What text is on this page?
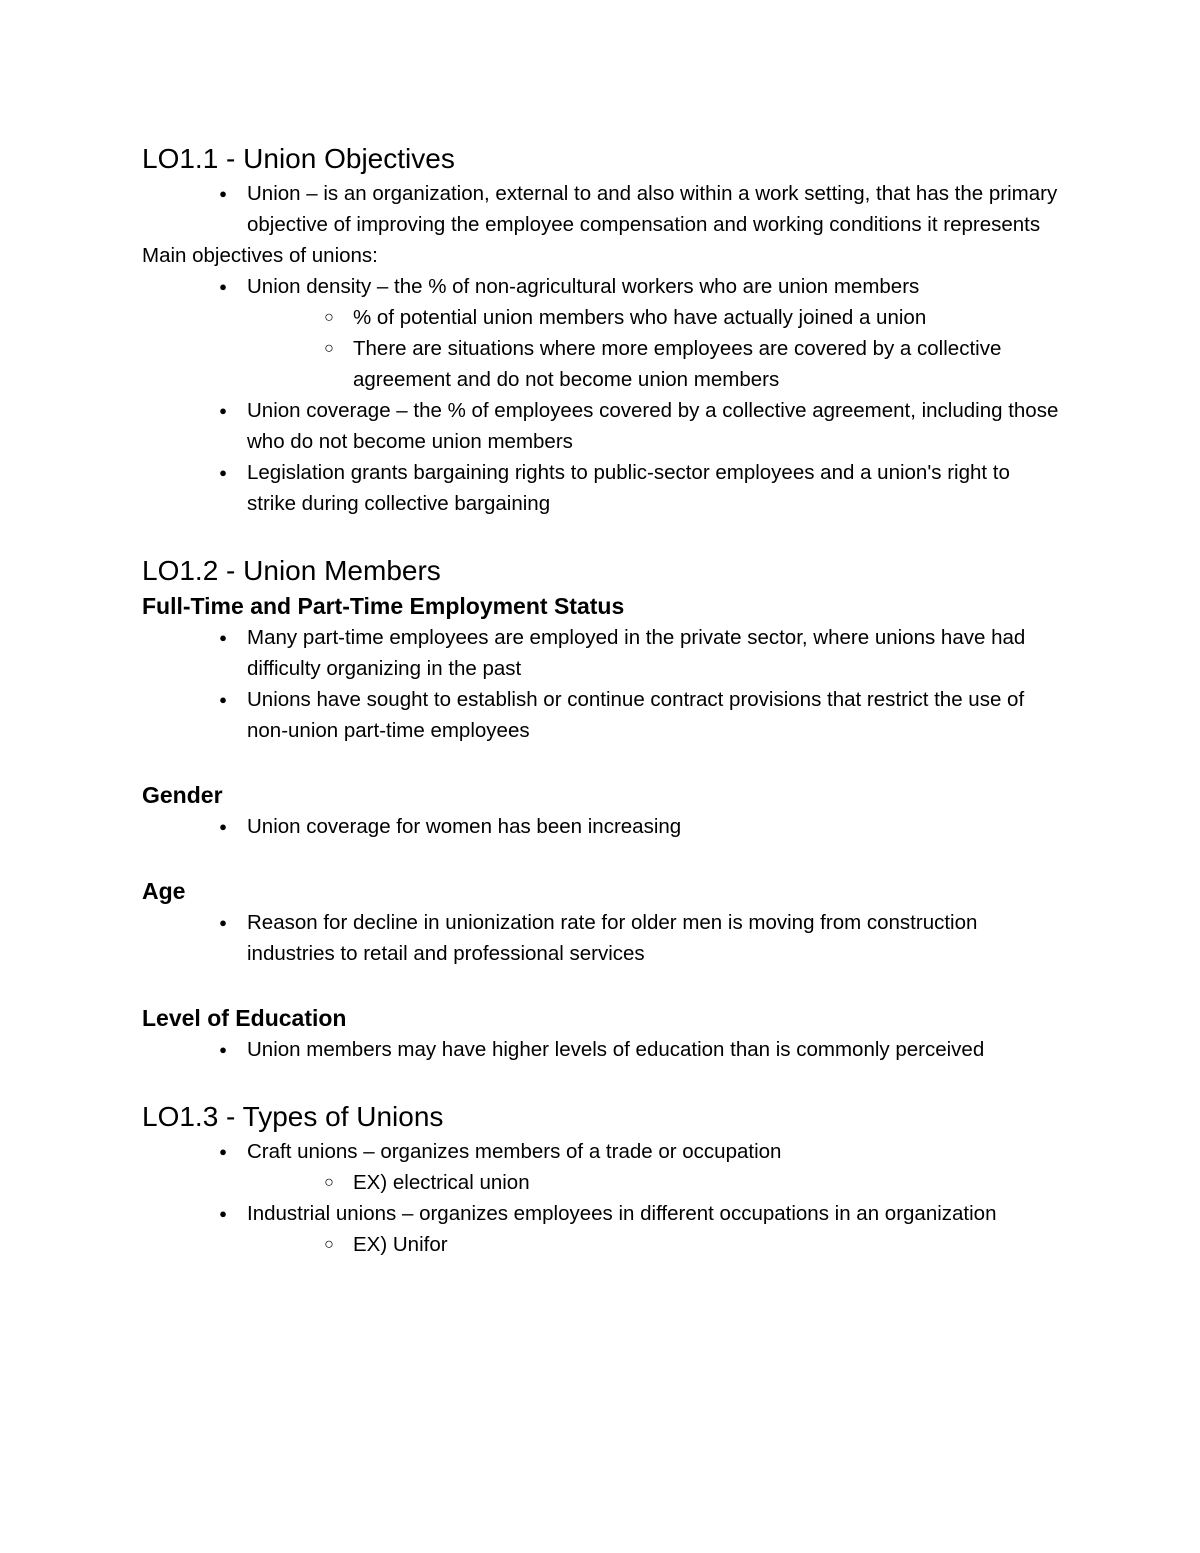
LO1.1 - Union Objectives
● Union – is an organization, external to and also within a work setting, that has the primary objective of improving the employee compensation and working conditions it represents

Main objectives of unions:

● Union density – the % of non-agricultural workers who are union members
○ % of potential union members who have actually joined a union
○ There are situations where more employees are covered by a collective agreement and do not become union members
● Union coverage – the % of employees covered by a collective agreement, including those who do not become union members
● Legislation grants bargaining rights to public-sector employees and a union's right to strike during collective bargaining
LO1.2 - Union Members
Full-Time and Part-Time Employment Status
● Many part-time employees are employed in the private sector, where unions have had difficulty organizing in the past
● Unions have sought to establish or continue contract provisions that restrict the use of non-union part-time employees
Gender
● Union coverage for women has been increasing
Age
● Reason for decline in unionization rate for older men is moving from construction industries to retail and professional services
Level of Education
● Union members may have higher levels of education than is commonly perceived
LO1.3 - Types of Unions
● Craft unions – organizes members of a trade or occupation
○ EX) electrical union
● Industrial unions – organizes employees in different occupations in an organization
○ EX) Unifor
